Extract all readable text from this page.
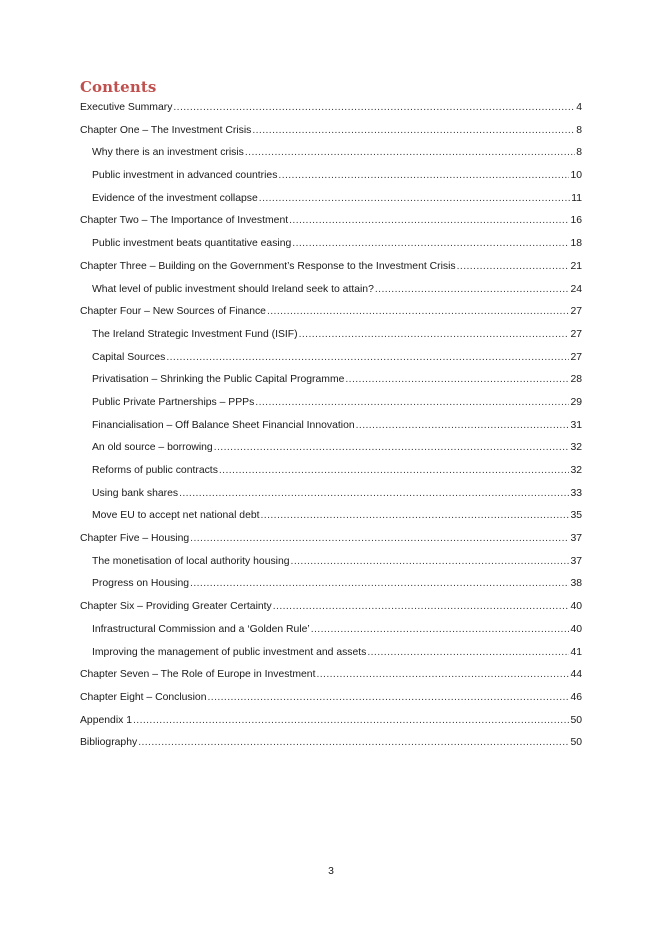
Contents
Executive Summary .....	4
Chapter One – The Investment Crisis .....	8
Why there is an investment crisis .....	8
Public investment in advanced countries .....	10
Evidence of the investment collapse .....	11
Chapter Two – The Importance of Investment .....	16
Public investment beats quantitative easing .....	18
Chapter Three – Building on the Government’s Response to the Investment Crisis .....	21
What level of public investment should Ireland seek to attain? .....	24
Chapter Four – New Sources of Finance .....	27
The Ireland Strategic Investment Fund (ISIF) .....	27
Capital Sources .....	27
Privatisation – Shrinking the Public Capital Programme .....	28
Public Private Partnerships – PPPs .....	29
Financialisation – Off Balance Sheet Financial Innovation .....	31
An old source – borrowing .....	32
Reforms of public contracts .....	32
Using bank shares .....	33
Move EU to accept net national debt .....	35
Chapter Five – Housing .....	37
The monetisation of local authority housing .....	37
Progress on Housing .....	38
Chapter Six – Providing Greater Certainty .....	40
Infrastructural Commission and a ‘Golden Rule’ .....	40
Improving the management of public investment and assets .....	41
Chapter Seven – The Role of Europe in Investment .....	44
Chapter Eight – Conclusion .....	46
Appendix 1 .....	50
Bibliography .....	50
3
